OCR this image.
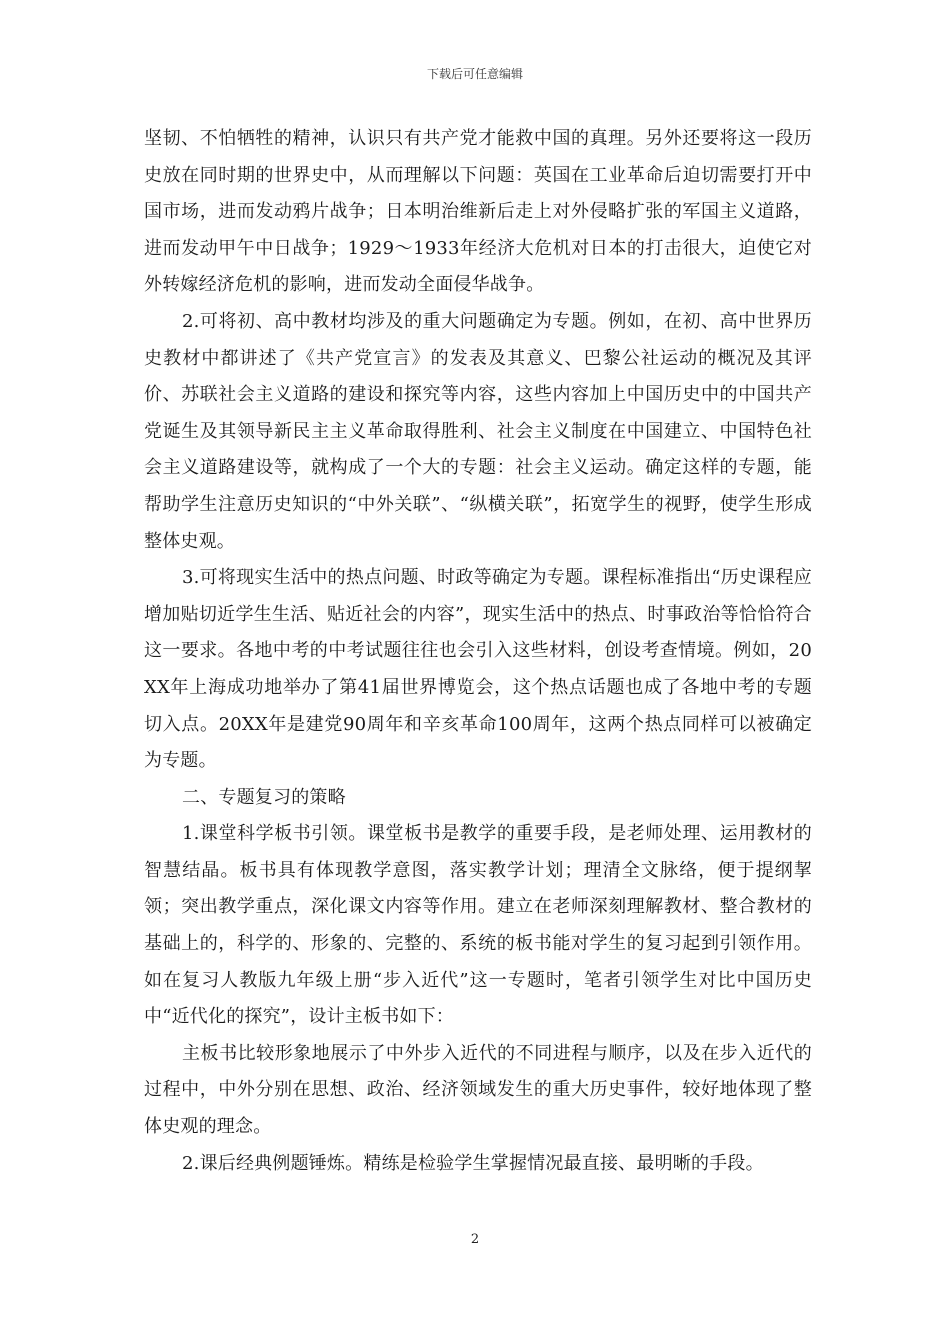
下载后可任意编辑

坚韧、不怕牺牲的精神，认识只有共产党才能救中国的真理。另外还要将这一段历史放在同时期的世界史中，从而理解以下问题：英国在工业革命后迫切需要打开中国市场，进而发动鸦片战争；日本明治维新后走上对外侵略扩张的军国主义道路，进而发动甲午中日战争；1929～1933年经济大危机对日本的打击很大，迫使它对外转嫁经济危机的影响，进而发动全面侵华战争。

2.可将初、高中教材均涉及的重大问题确定为专题。例如，在初、高中世界历史教材中都讲述了《共产党宣言》的发表及其意义、巴黎公社运动的概况及其评价、苏联社会主义道路的建设和探究等内容，这些内容加上中国历史中的中国共产党诞生及其领导新民主主义革命取得胜利、社会主义制度在中国建立、中国特色社会主义道路建设等，就构成了一个大的专题：社会主义运动。确定这样的专题，能帮助学生注意历史知识的“中外关联”、“纵横关联”，拓宽学生的视野，使学生形成整体史观。

3.可将现实生活中的热点问题、时政等确定为专题。课程标准指出“历史课程应增加贴切近学生生活、贴近社会的内容”，现实生活中的热点、时事政治等恰恰符合这一要求。各地中考的中考试题往往也会引入这些材料，创设考查情境。例如，20XX年上海成功地举办了第41届世界博览会，这个热点话题也成了各地中考的专题切入点。20XX年是建党90周年和辛亥革命100周年，这两个热点同样可以被确定为专题。

二、专题复习的策略

1.课堂科学板书引领。课堂板书是教学的重要手段，是老师处理、运用教材的智慧结晶。板书具有体现教学意图，落实教学计划；理清全文脉络，便于提纲挈领；突出教学重点，深化课文内容等作用。建立在老师深刻理解教材、整合教材的基础上的，科学的、形象的、完整的、系统的板书能对学生的复习起到引领作用。如在复习人教版九年级上册“步入近代”这一专题时，笔者引领学生对比中国历史中“近代化的探究”，设计主板书如下：

主板书比较形象地展示了中外步入近代的不同进程与顺序，以及在步入近代的过程中，中外分别在思想、政治、经济领域发生的重大历史事件，较好地体现了整体史观的理念。

2.课后经典例题锤炼。精练是检验学生掌握情况最直接、最明晰的手段。

2
